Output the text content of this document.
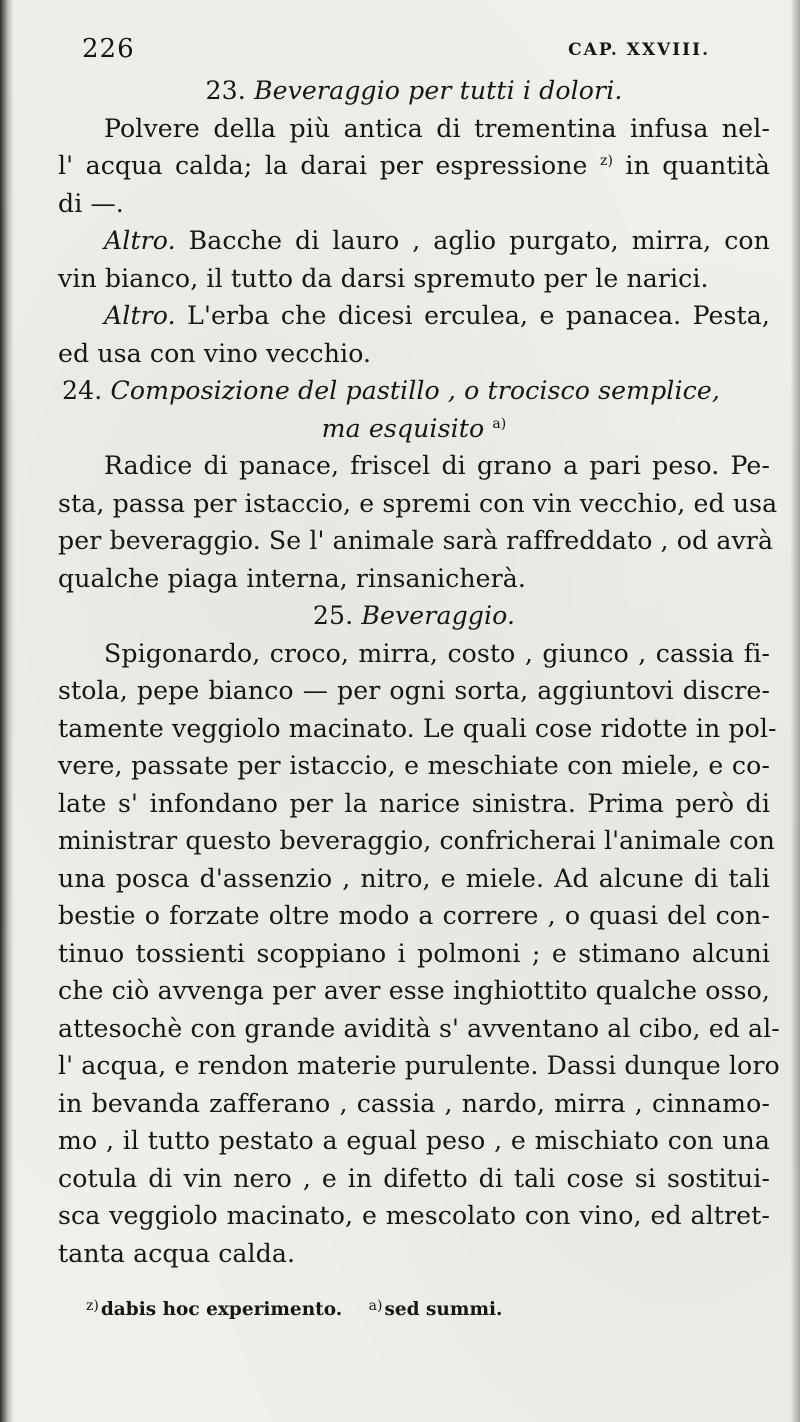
226	CAP. XXVIII.
23. Beveraggio per tutti i dolori.
Polvere della più antica di trementina infusa nel-
l' acqua calda; la darai per espressione $^{z)}$ in quantità
di —.
Altro. Bacche di lauro , aglio purgato, mirra, con
vin bianco, il tutto da darsi spremuto per le narici.
Altro. L'erba che dicesi erculea, e panacea. Pesta,
ed usa con vino vecchio.
24. Composizione del pastillo , o trocisco semplice,
ma esquisito $^{a)}$
Radice di panace, friscel di grano a pari peso. Pe-
sta, passa per istaccio, e spremi con vin vecchio, ed usa
per beveraggio. Se l' animale sarà raffreddato , od avrà
qualche piaga interna, rinsanicherà.
25. Beveraggio.
Spigonardo, croco, mirra, costo , giunco , cassia fi-
stola, pepe bianco — per ogni sorta, aggiuntovi discre-
tamente veggiolo macinato. Le quali cose ridotte in pol-
vere, passate per istaccio, e meschiate con miele, e co-
late s' infondano per la narice sinistra. Prima però di
ministrar questo beveraggio, confricherai l'animale con
una posca d'assenzio , nitro, e miele. Ad alcune di tali
bestie o forzate oltre modo a correre , o quasi del con-
tinuo tossienti scoppiano i polmoni ; e stimano alcuni
che ciò avvenga per aver esse inghiottito qualche osso,
attesochè con grande avidità s' avventano al cibo, ed al-
l' acqua, e rendon materie purulente. Dassi dunque loro
in bevanda zafferano , cassia , nardo, mirra , cinnamo-
mo , il tutto pestato a egual peso , e mischiato con una
cotula di vin nero , e in difetto di tali cose si sostitui-
sca veggiolo macinato, e mescolato con vino, ed altret-
tanta acqua calda.
$^{z)}$ dabis hoc experimento. $^{a)}$ sed summi.
